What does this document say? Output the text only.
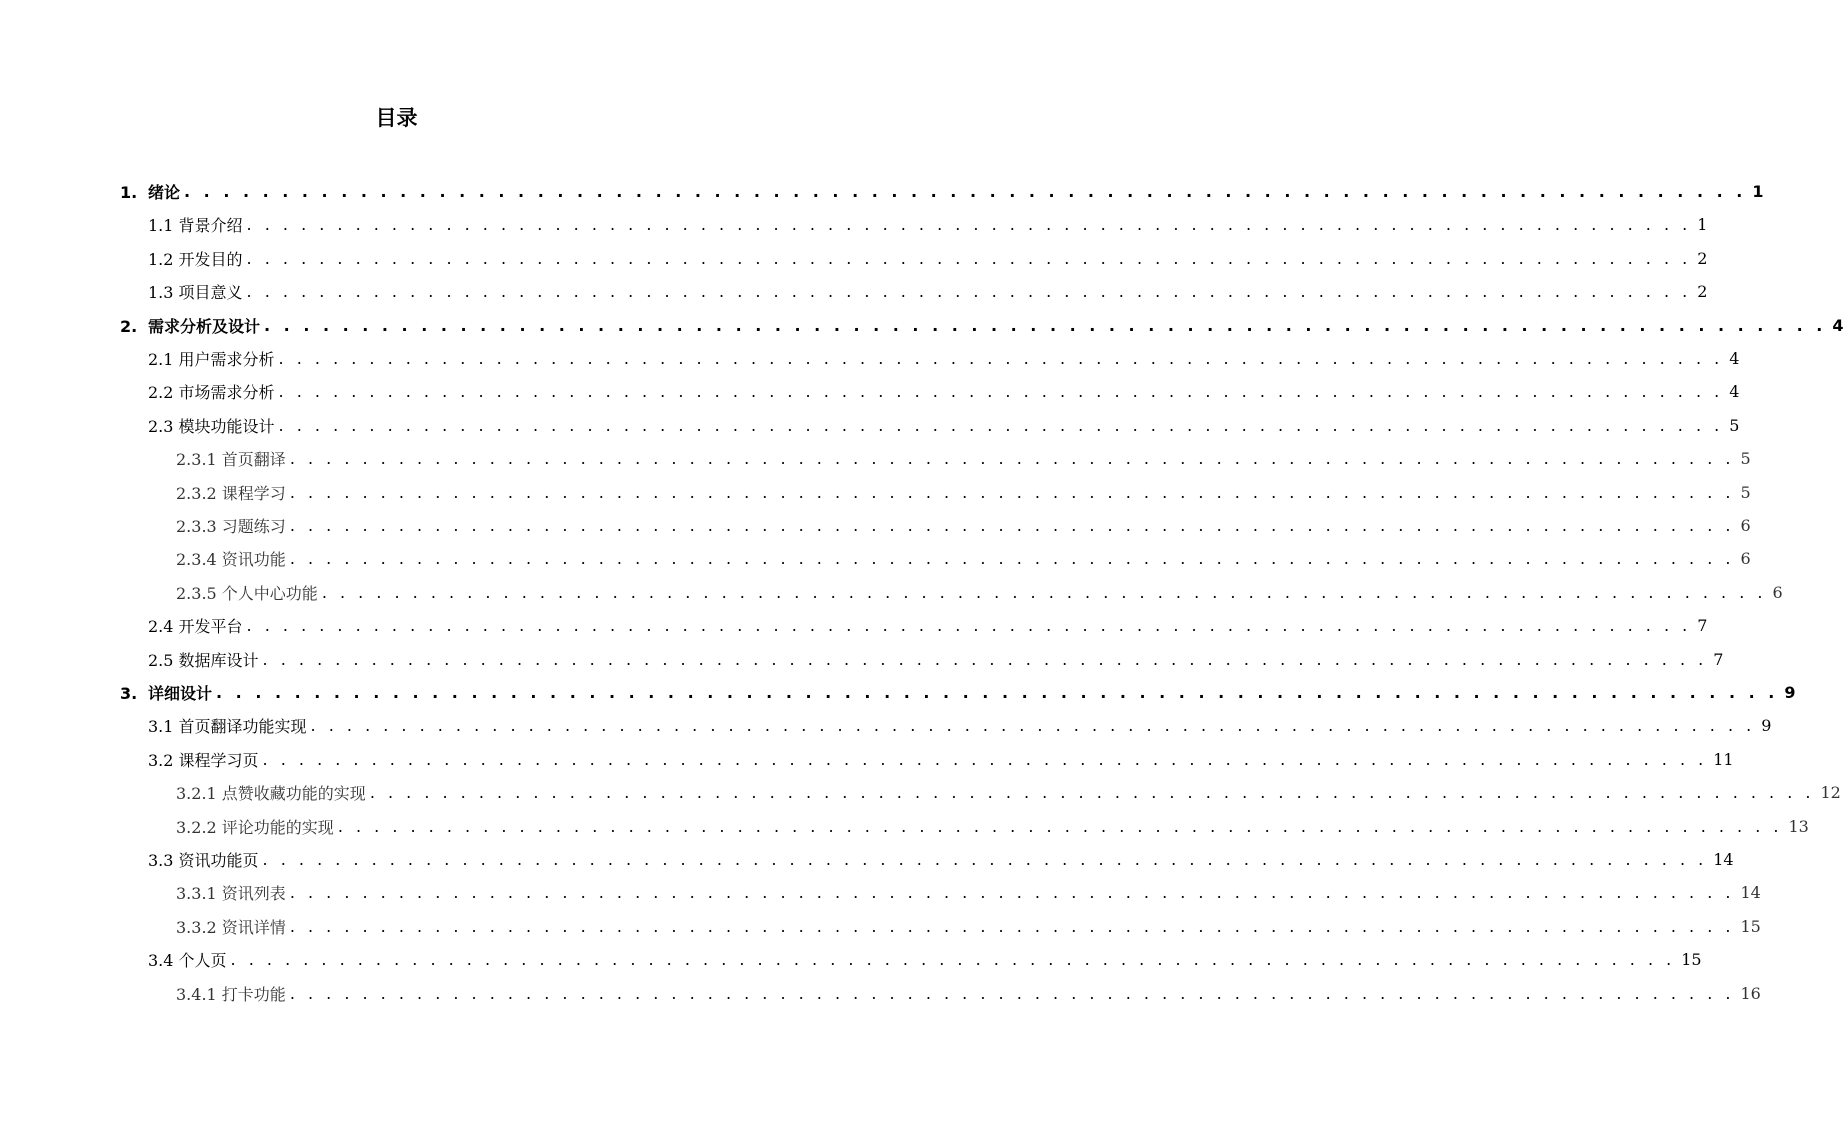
目录
1. 绪论 . . . . . . . . . . . . . . . . . . . . . . . . . . . . . . . . . . . . . . . . . . . . . . . . . . . . . . . . . . . . . . . . . . . . . . . . . . . . . . . . 1
1.1 背景介绍 . . . . . . . . . . . . . . . . . . . . . . . . . . . . . . . . . . . . . . . . . . . . . . . . . . . . . . . . . . . . . . . . . . . . . . . . . . . . . . . . 1
1.2 开发目的 . . . . . . . . . . . . . . . . . . . . . . . . . . . . . . . . . . . . . . . . . . . . . . . . . . . . . . . . . . . . . . . . . . . . . . . . . . . . . . . . 2
1.3 项目意义 . . . . . . . . . . . . . . . . . . . . . . . . . . . . . . . . . . . . . . . . . . . . . . . . . . . . . . . . . . . . . . . . . . . . . . . . . . . . . . . . 2
2. 需求分析及设计 . . . . . . . . . . . . . . . . . . . . . . . . . . . . . . . . . . . . . . . . . . . . . . . . . . . . . . . . . . . . . . . . . . . . . . . . . . . . . . . . 4
2.1 用户需求分析 . . . . . . . . . . . . . . . . . . . . . . . . . . . . . . . . . . . . . . . . . . . . . . . . . . . . . . . . . . . . . . . . . . . . . . . . . . . . . . . . 4
2.2 市场需求分析 . . . . . . . . . . . . . . . . . . . . . . . . . . . . . . . . . . . . . . . . . . . . . . . . . . . . . . . . . . . . . . . . . . . . . . . . . . . . . . . . 4
2.3 模块功能设计 . . . . . . . . . . . . . . . . . . . . . . . . . . . . . . . . . . . . . . . . . . . . . . . . . . . . . . . . . . . . . . . . . . . . . . . . . . . . . . . . 5
2.3.1 首页翻译 . . . . . . . . . . . . . . . . . . . . . . . . . . . . . . . . . . . . . . . . . . . . . . . . . . . . . . . . . . . . . . . . . . . . . . . . . . . . . . . . 5
2.3.2 课程学习 . . . . . . . . . . . . . . . . . . . . . . . . . . . . . . . . . . . . . . . . . . . . . . . . . . . . . . . . . . . . . . . . . . . . . . . . . . . . . . . . 5
2.3.3 习题练习 . . . . . . . . . . . . . . . . . . . . . . . . . . . . . . . . . . . . . . . . . . . . . . . . . . . . . . . . . . . . . . . . . . . . . . . . . . . . . . . . 6
2.3.4 资讯功能 . . . . . . . . . . . . . . . . . . . . . . . . . . . . . . . . . . . . . . . . . . . . . . . . . . . . . . . . . . . . . . . . . . . . . . . . . . . . . . . . 6
2.3.5 个人中心功能 . . . . . . . . . . . . . . . . . . . . . . . . . . . . . . . . . . . . . . . . . . . . . . . . . . . . . . . . . . . . . . . . . . . . . . . . . . . . . . . . 6
2.4 开发平台 . . . . . . . . . . . . . . . . . . . . . . . . . . . . . . . . . . . . . . . . . . . . . . . . . . . . . . . . . . . . . . . . . . . . . . . . . . . . . . . . 7
2.5 数据库设计 . . . . . . . . . . . . . . . . . . . . . . . . . . . . . . . . . . . . . . . . . . . . . . . . . . . . . . . . . . . . . . . . . . . . . . . . . . . . . . . . 7
3. 详细设计 . . . . . . . . . . . . . . . . . . . . . . . . . . . . . . . . . . . . . . . . . . . . . . . . . . . . . . . . . . . . . . . . . . . . . . . . . . . . . . . . 9
3.1 首页翻译功能实现 . . . . . . . . . . . . . . . . . . . . . . . . . . . . . . . . . . . . . . . . . . . . . . . . . . . . . . . . . . . . . . . . . . . . . . . . . . . . . . . . 9
3.2 课程学习页 . . . . . . . . . . . . . . . . . . . . . . . . . . . . . . . . . . . . . . . . . . . . . . . . . . . . . . . . . . . . . . . . . . . . . . . . . . . . . . . . 11
3.2.1 点赞收藏功能的实现 . . . . . . . . . . . . . . . . . . . . . . . . . . . . . . . . . . . . . . . . . . . . . . . . . . . . . . . . . . . . . . . . . . . . . . . . . . . . . . . . 12
3.2.2 评论功能的实现 . . . . . . . . . . . . . . . . . . . . . . . . . . . . . . . . . . . . . . . . . . . . . . . . . . . . . . . . . . . . . . . . . . . . . . . . . . . . . . . . 13
3.3 资讯功能页 . . . . . . . . . . . . . . . . . . . . . . . . . . . . . . . . . . . . . . . . . . . . . . . . . . . . . . . . . . . . . . . . . . . . . . . . . . . . . . . . 14
3.3.1 资讯列表 . . . . . . . . . . . . . . . . . . . . . . . . . . . . . . . . . . . . . . . . . . . . . . . . . . . . . . . . . . . . . . . . . . . . . . . . . . . . . . . . 14
3.3.2 资讯详情 . . . . . . . . . . . . . . . . . . . . . . . . . . . . . . . . . . . . . . . . . . . . . . . . . . . . . . . . . . . . . . . . . . . . . . . . . . . . . . . . 15
3.4 个人页 . . . . . . . . . . . . . . . . . . . . . . . . . . . . . . . . . . . . . . . . . . . . . . . . . . . . . . . . . . . . . . . . . . . . . . . . . . . . . . . . 15
3.4.1 打卡功能 . . . . . . . . . . . . . . . . . . . . . . . . . . . . . . . . . . . . . . . . . . . . . . . . . . . . . . . . . . . . . . . . . . . . . . . . . . . . . . . . 16
